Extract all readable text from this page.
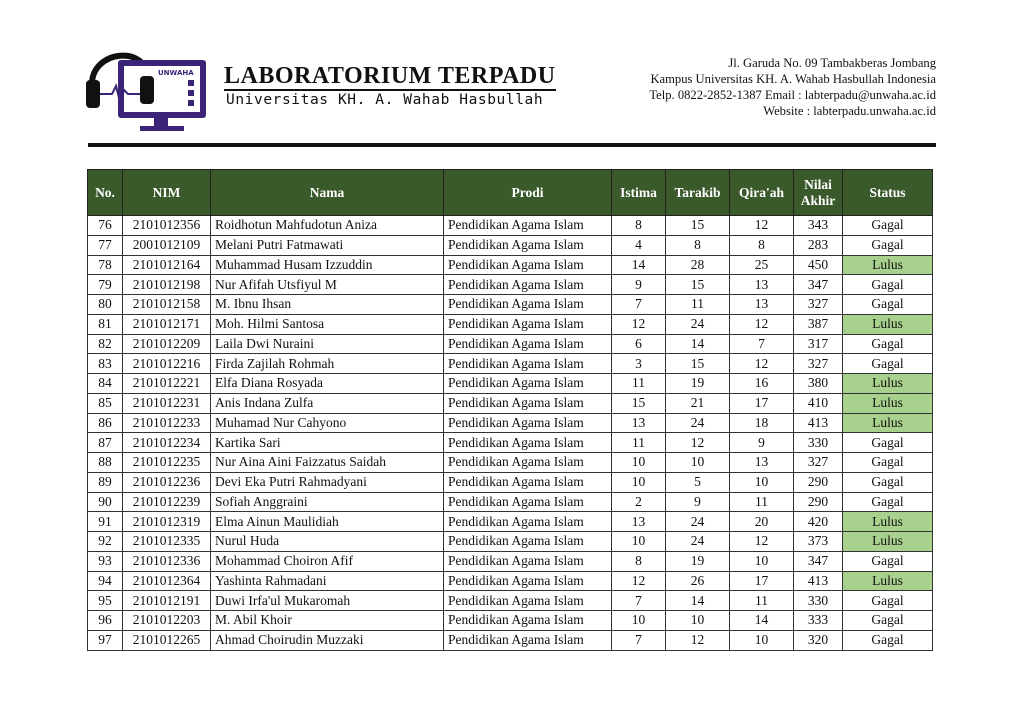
UNWAHA LABORATORIUM TERPADU
Universitas KH. A. Wahab Hasbullah
Jl. Garuda No. 09 Tambakberas Jombang
Kampus Universitas KH. A. Wahab Hasbullah Indonesia
Telp. 0822-2852-1387 Email : labterpadu@unwaha.ac.id
Website : labterpadu.unwaha.ac.id
No.	NIM	Nama	Prodi	Istima	Tarakib	Qira'ah	Nilai Akhir	Status
76	2101012356	Roidhotun Mahfudotun Aniza	Pendidikan Agama Islam	8	15	12	343	Gagal
77	2001012109	Melani Putri Fatmawati	Pendidikan Agama Islam	4	8	8	283	Gagal
78	2101012164	Muhammad Husam Izzuddin	Pendidikan Agama Islam	14	28	25	450	Lulus
79	2101012198	Nur Afifah Utsfiyul M	Pendidikan Agama Islam	9	15	13	347	Gagal
80	2101012158	M. Ibnu Ihsan	Pendidikan Agama Islam	7	11	13	327	Gagal
81	2101012171	Moh. Hilmi Santosa	Pendidikan Agama Islam	12	24	12	387	Lulus
82	2101012209	Laila Dwi Nuraini	Pendidikan Agama Islam	6	14	7	317	Gagal
83	2101012216	Firda Zajilah Rohmah	Pendidikan Agama Islam	3	15	12	327	Gagal
84	2101012221	Elfa Diana Rosyada	Pendidikan Agama Islam	11	19	16	380	Lulus
85	2101012231	Anis Indana Zulfa	Pendidikan Agama Islam	15	21	17	410	Lulus
86	2101012233	Muhamad Nur Cahyono	Pendidikan Agama Islam	13	24	18	413	Lulus
87	2101012234	Kartika Sari	Pendidikan Agama Islam	11	12	9	330	Gagal
88	2101012235	Nur Aina Aini Faizzatus Saidah	Pendidikan Agama Islam	10	10	13	327	Gagal
89	2101012236	Devi Eka Putri Rahmadyani	Pendidikan Agama Islam	10	5	10	290	Gagal
90	2101012239	Sofiah Anggraini	Pendidikan Agama Islam	2	9	11	290	Gagal
91	2101012319	Elma Ainun Maulidiah	Pendidikan Agama Islam	13	24	20	420	Lulus
92	2101012335	Nurul Huda	Pendidikan Agama Islam	10	24	12	373	Lulus
93	2101012336	Mohammad Choiron Afif	Pendidikan Agama Islam	8	19	10	347	Gagal
94	2101012364	Yashinta Rahmadani	Pendidikan Agama Islam	12	26	17	413	Lulus
95	2101012191	Duwi Irfa'ul Mukaromah	Pendidikan Agama Islam	7	14	11	330	Gagal
96	2101012203	M. Abil Khoir	Pendidikan Agama Islam	10	10	14	333	Gagal
97	2101012265	Ahmad Choirudin Muzzaki	Pendidikan Agama Islam	7	12	10	320	Gagal
